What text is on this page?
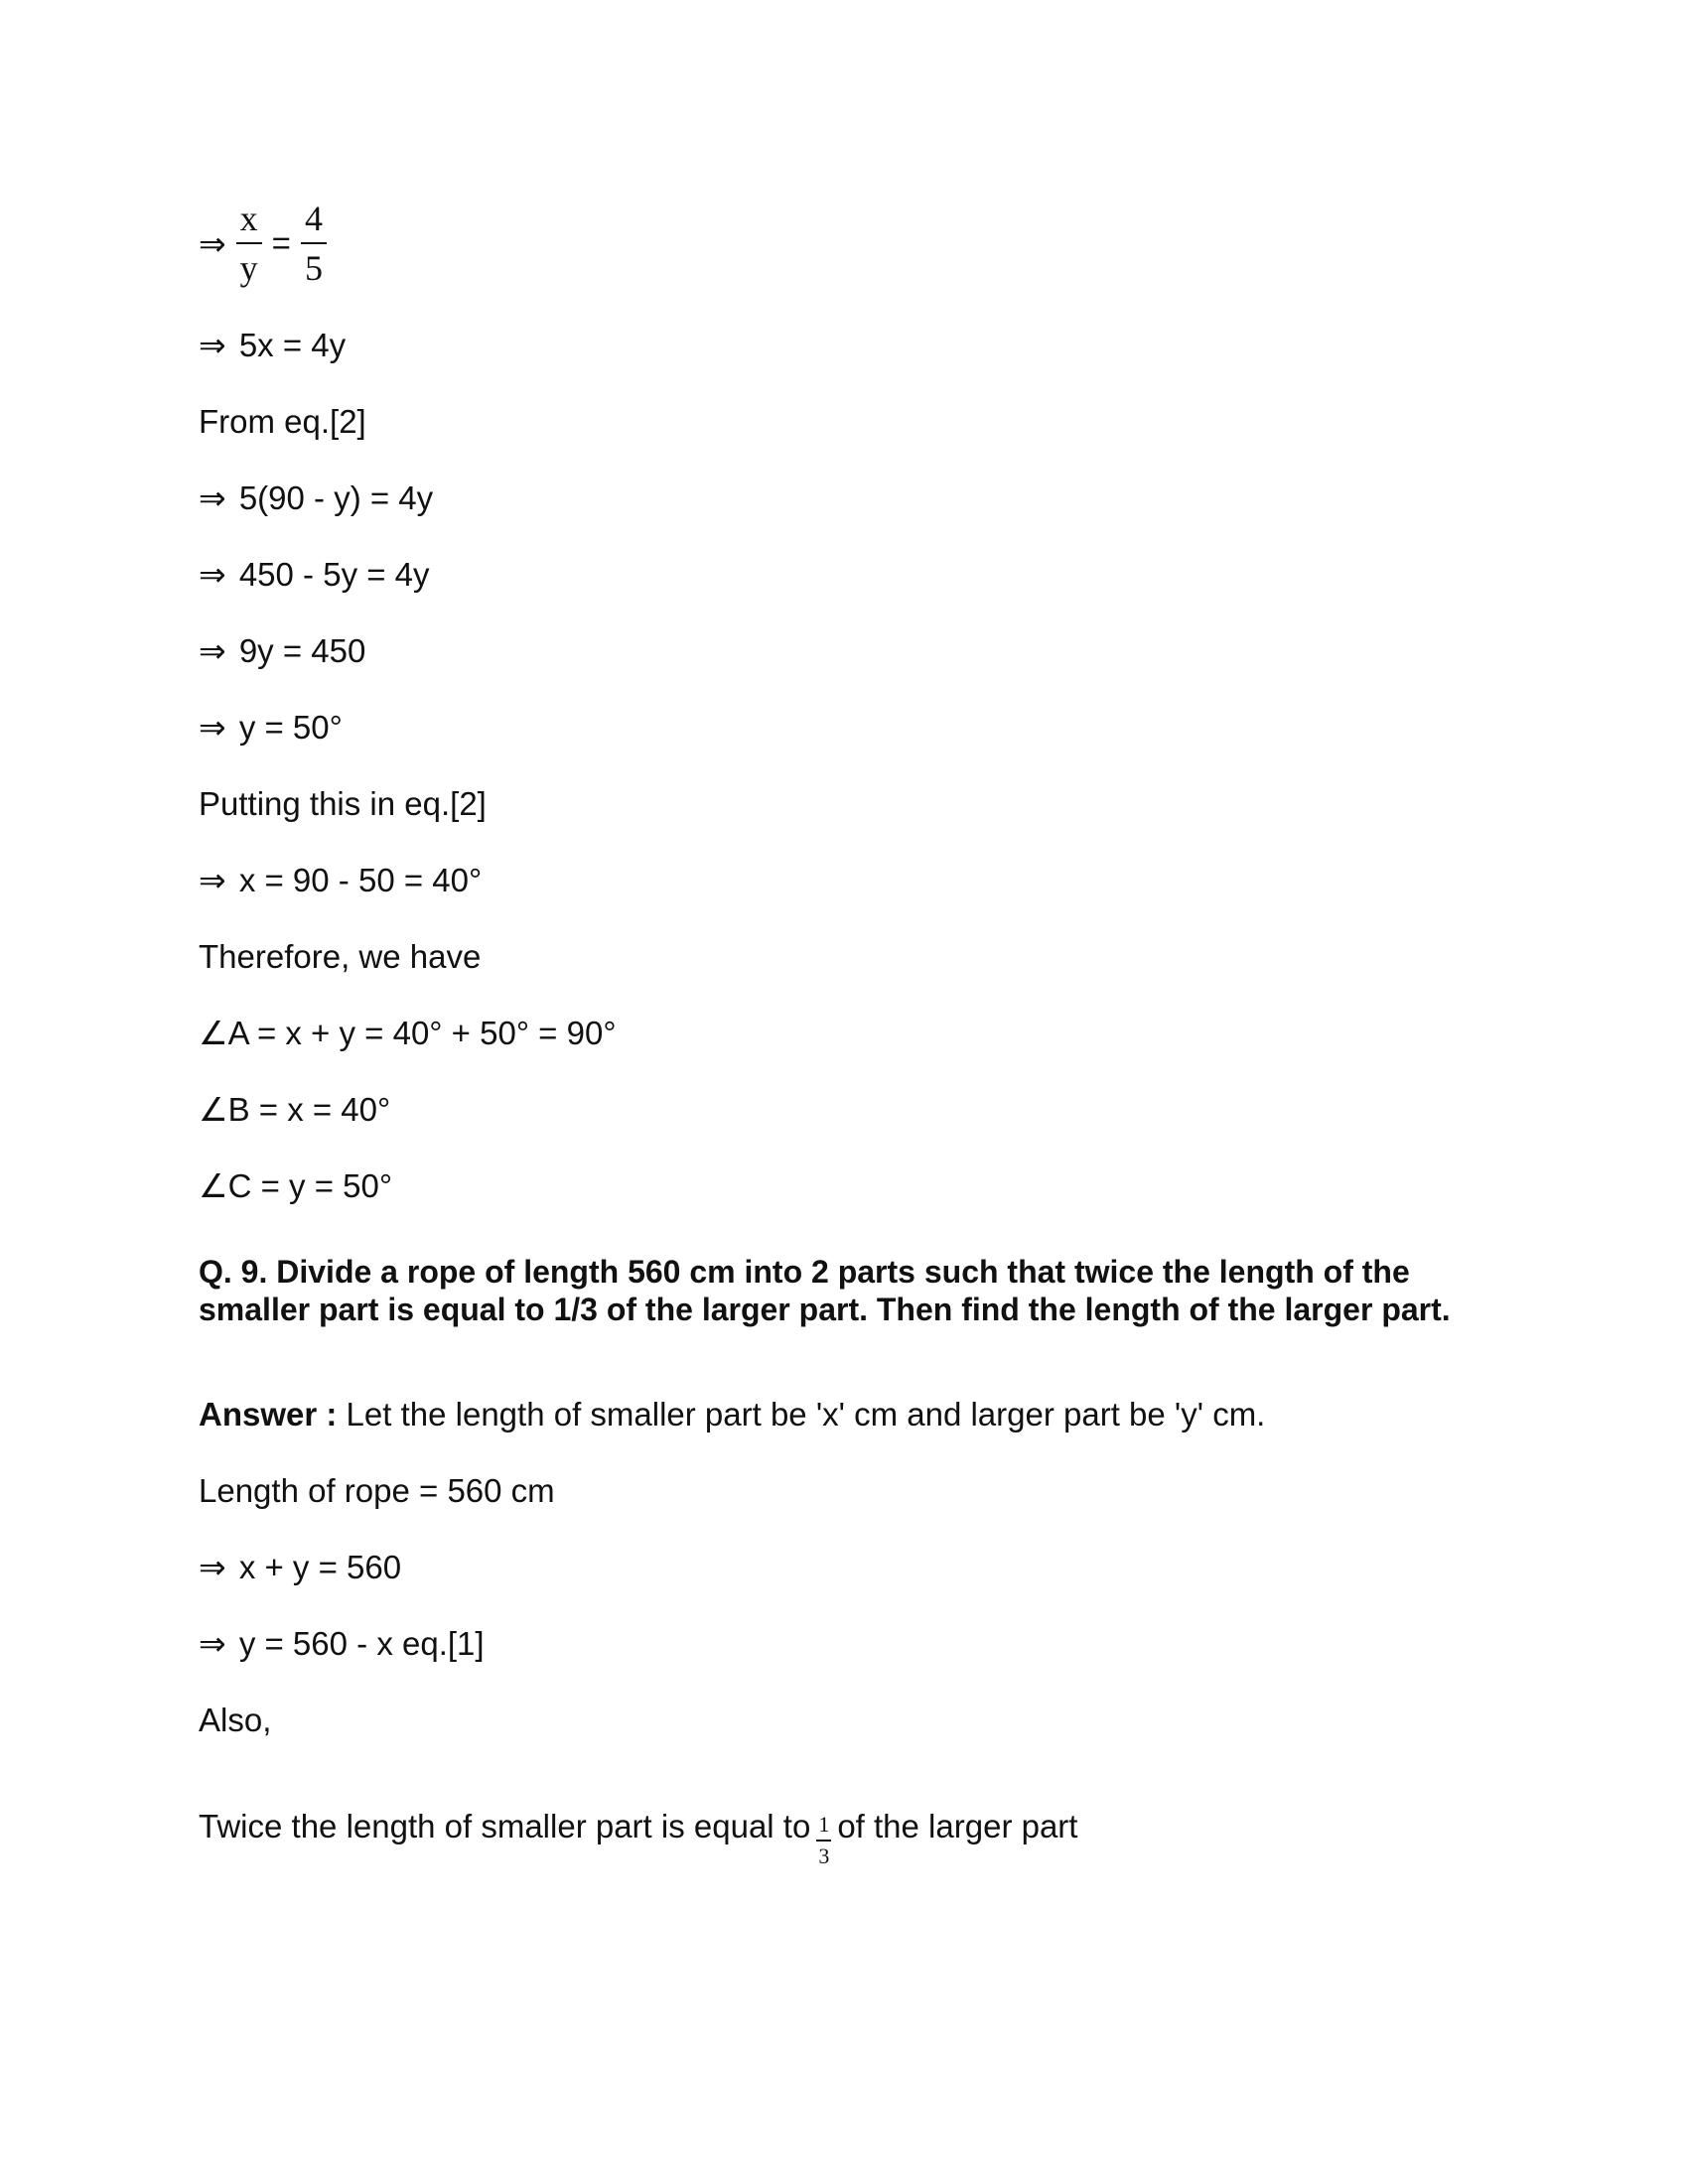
⇒ $\frac{x}{y} = \frac{4}{5}$
⇒ 5x = 4y
From eq.[2]
⇒ 5(90 - y) = 4y
⇒ 450 - 5y = 4y
⇒ 9y = 450
⇒ y = 50°
Putting this in eq.[2]
⇒ x = 90 - 50 = 40°
Therefore, we have
∠A = x + y = 40° + 50° = 90°
∠B = x = 40°
∠C = y = 50°
Q. 9. Divide a rope of length 560 cm into 2 parts such that twice the length of the smaller part is equal to 1/3 of the larger part. Then find the length of the larger part.
Answer : Let the length of smaller part be 'x' cm and larger part be 'y' cm.
Length of rope = 560 cm
⇒ x + y = 560
⇒ y = 560 - x eq.[1]
Also,
Twice the length of smaller part is equal to $\frac{1}{3}$ of the larger part
